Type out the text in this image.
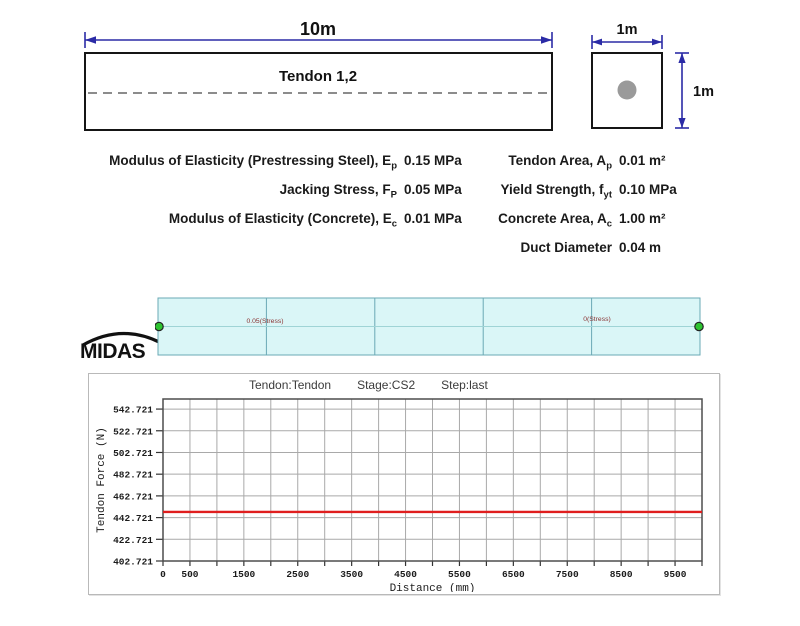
10m
Tendon 1,2
1m
1m
Modulus of Elasticity (Prestressing Steel), $E_p$ 0.15 MPa
Jacking Stress, $F_P$ 0.05 MPa
Modulus of Elasticity (Concrete), $E_c$ 0.01 MPa
Tendon Area, $A_p$ 0.01 m²
Yield Strength, $f_{yt}$ 0.10 MPa
Concrete Area, $A_c$ 1.00 m²
Duct Diameter 0.04 m
MIDAS
0.05(Stress)	0(Stress)
542.721
522.721
502.721
482.721
462.721
442.721
422.721
402.721
0 500	1500	2500	3500	4500	5500	6500	7500	8500	9500
Distance (mm)
Tendon Force (N)
Tendon:Tendon Stage:CS2 Step:last
